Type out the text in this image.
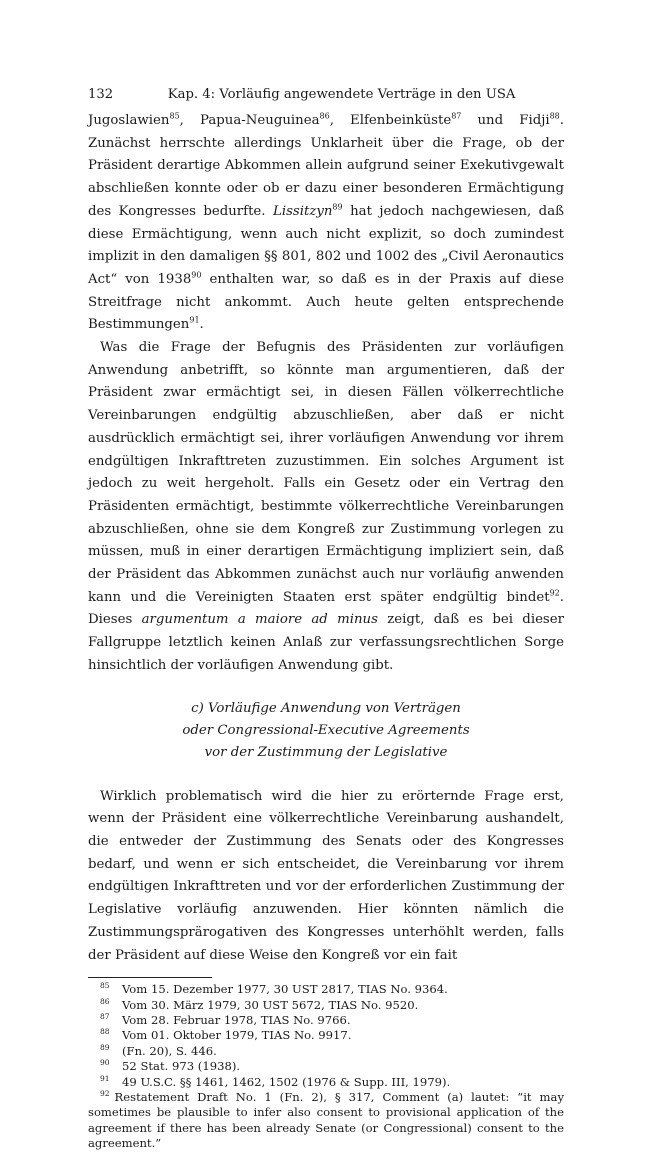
132	Kap. 4: Vorläufig angewendete Verträge in den USA

Jugoslawien$^{85}$, Papua-Neuguinea$^{86}$, Elfenbeinküste$^{87}$ und Fidji$^{88}$. Zunächst herrschte allerdings Unklarheit über die Frage, ob der Präsident derartige Abkommen allein aufgrund seiner Exekutivgewalt abschließen konnte oder ob er dazu einer besonderen Ermächtigung des Kongresses bedurfte. Lissitzyn$^{89}$ hat jedoch nachgewiesen, daß diese Ermächtigung, wenn auch nicht explizit, so doch zumindest implizit in den damaligen §§ 801, 802 und 1002 des „Civil Aeronautics Act“ von 1938$^{90}$ enthalten war, so daß es in der Praxis auf diese Streitfrage nicht ankommt. Auch heute gelten entsprechende Bestimmungen$^{91}$.

Was die Frage der Befugnis des Präsidenten zur vorläufigen Anwendung anbetrifft, so könnte man argumentieren, daß der Präsident zwar ermächtigt sei, in diesen Fällen völkerrechtliche Vereinbarungen endgültig abzuschließen, aber daß er nicht ausdrücklich ermächtigt sei, ihrer vorläufigen Anwendung vor ihrem endgültigen Inkrafttreten zuzustimmen. Ein solches Argument ist jedoch zu weit hergeholt. Falls ein Gesetz oder ein Vertrag den Präsidenten ermächtigt, bestimmte völkerrechtliche Vereinbarungen abzuschließen, ohne sie dem Kongreß zur Zustimmung vorlegen zu müssen, muß in einer derartigen Ermächtigung impliziert sein, daß der Präsident das Abkommen zunächst auch nur vorläufig anwenden kann und die Vereinigten Staaten erst später endgültig bindet$^{92}$. Dieses argumentum a maiore ad minus zeigt, daß es bei dieser Fallgruppe letztlich keinen Anlaß zur verfassungsrechtlichen Sorge hinsichtlich der vorläufigen Anwendung gibt.

c) Vorläufige Anwendung von Verträgen
oder Congressional-Executive Agreements
vor der Zustimmung der Legislative

Wirklich problematisch wird die hier zu erörternde Frage erst, wenn der Präsident eine völkerrechtliche Vereinbarung aushandelt, die entweder der Zustimmung des Senats oder des Kongresses bedarf, und wenn er sich entscheidet, die Vereinbarung vor ihrem endgültigen Inkrafttreten und vor der erforderlichen Zustimmung der Legislative vorläufig anzuwenden. Hier könnten nämlich die Zustimmungsprärogativen des Kongresses unterhöhlt werden, falls der Präsident auf diese Weise den Kongreß vor ein fait

$^{85}$	Vom 15. Dezember 1977, 30 UST 2817, TIAS No. 9364.
$^{86}$	Vom 30. März 1979, 30 UST 5672, TIAS No. 9520.
$^{87}$	Vom 28. Februar 1978, TIAS No. 9766.
$^{88}$	Vom 01. Oktober 1979, TIAS No. 9917.
$^{89}$	(Fn. 20), S. 446.
$^{90}$	52 Stat. 973 (1938).
$^{91}$	49 U.S.C. §§ 1461, 1462, 1502 (1976 & Supp. III, 1979).
$^{92}$ Restatement Draft No. 1 (Fn. 2), § 317, Comment (a) lautet: “it may sometimes be plausible to infer also consent to provisional application of the agreement if there has been already Senate (or Congressional) consent to the agreement.”
